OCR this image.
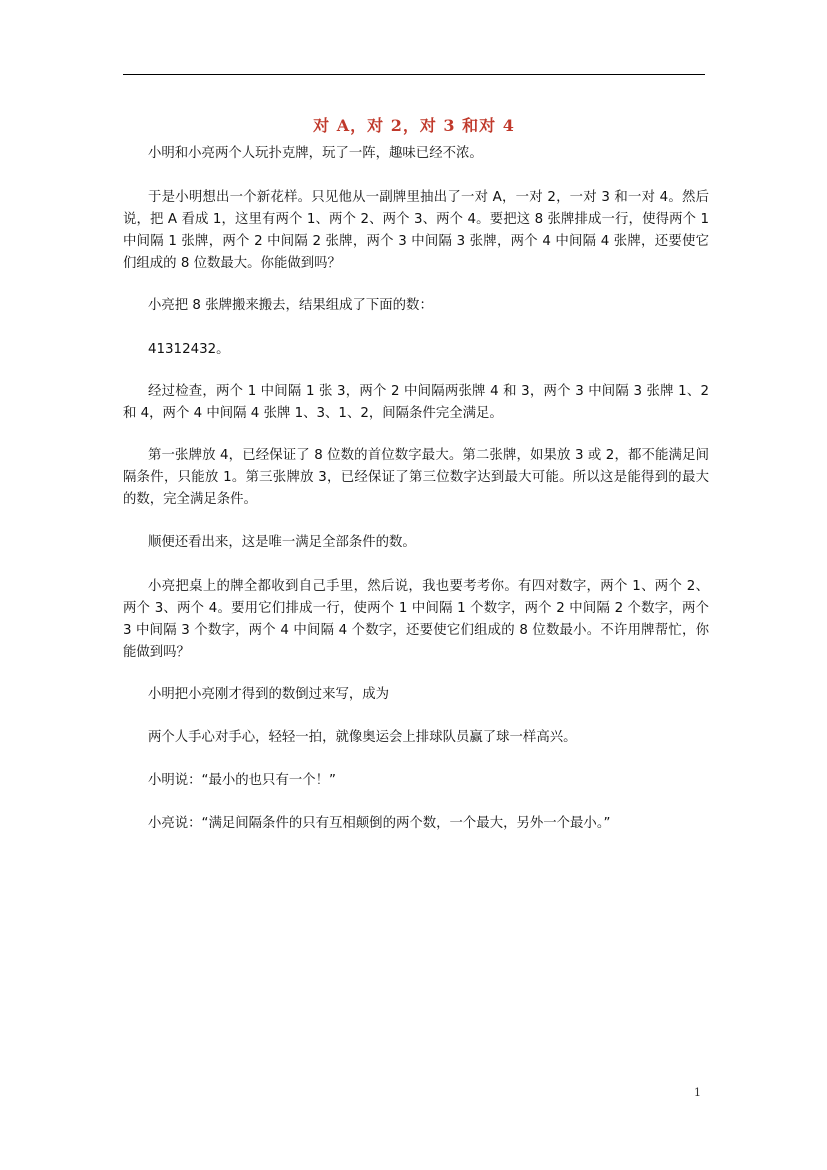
对 A，对 2，对 3 和对 4
小明和小亮两个人玩扑克牌，玩了一阵，趣味已经不浓。
于是小明想出一个新花样。只见他从一副牌里抽出了一对 A，一对 2，一对 3 和一对 4。然后说，把 A 看成 1，这里有两个 1、两个 2、两个 3、两个 4。要把这 8 张牌排成一行，使得两个 1 中间隔 1 张牌，两个 2 中间隔 2 张牌，两个 3 中间隔 3 张牌，两个 4 中间隔 4 张牌，还要使它们组成的 8 位数最大。你能做到吗？
小亮把 8 张牌搬来搬去，结果组成了下面的数：
41312432。
经过检查，两个 1 中间隔 1 张 3，两个 2 中间隔两张牌 4 和 3，两个 3 中间隔 3 张牌 1、2 和 4，两个 4 中间隔 4 张牌 1、3、1、2，间隔条件完全满足。
第一张牌放 4，已经保证了 8 位数的首位数字最大。第二张牌，如果放 3 或 2，都不能满足间隔条件，只能放 1。第三张牌放 3，已经保证了第三位数字达到最大可能。所以这是能得到的最大的数，完全满足条件。
顺便还看出来，这是唯一满足全部条件的数。
小亮把桌上的牌全都收到自己手里，然后说，我也要考考你。有四对数字，两个 1、两个 2、两个 3、两个 4。要用它们排成一行，使两个 1 中间隔 1 个数字，两个 2 中间隔 2 个数字，两个 3 中间隔 3 个数字，两个 4 中间隔 4 个数字，还要使它们组成的 8 位数最小。不许用牌帮忙，你能做到吗？
小明把小亮刚才得到的数倒过来写，成为
两个人手心对手心，轻轻一拍，就像奥运会上排球队员赢了球一样高兴。
小明说：“最小的也只有一个！”
小亮说：“满足间隔条件的只有互相颠倒的两个数，一个最大，另外一个最小。”
1
